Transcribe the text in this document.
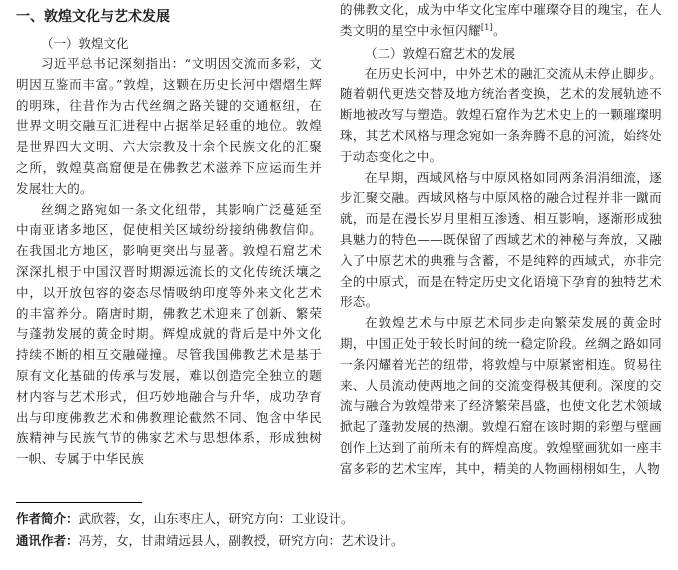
一、敦煌文化与艺术发展
（一）敦煌文化

习近平总书记深刻指出：“文明因交流而多彩，文明因互鉴而丰富。”敦煌，这颗在历史长河中熠熠生辉的明珠，往昔作为古代丝绸之路关键的交通枢纽，在世界文明交融互汇进程中占据举足轻重的地位。敦煌是世界四大文明、六大宗教及十余个民族文化的汇聚之所，敦煌莫高窟便是在佛教艺术滋养下应运而生并发展壮大的。

丝绸之路宛如一条文化纽带，其影响广泛蔓延至中南亚诸多地区，促使相关区域纷纷接纳佛教信仰。在我国北方地区，影响更突出与显著。敦煌石窟艺术深深扎根于中国汉晋时期源远流长的文化传统沃壤之中，以开放包容的姿态尽情吸纳印度等外来文化艺术的丰富养分。隋唐时期，佛教艺术迎来了创新、繁荣与蓬勃发展的黄金时期。辉煌成就的背后是中外文化持续不断的相互交融碰撞。尽管我国佛教艺术是基于原有文化基础的传承与发展，难以创造完全独立的题材内容与艺术形式，但巧妙地融合与升华，成功孕育出与印度佛教艺术和佛教理论截然不同、饱含中华民族精神与民族气节的佛家艺术与思想体系，形成独树一帜、专属于中华民族

的佛教文化，成为中华文化宝库中璀璨夺目的瑰宝，在人类文明的星空中永恒闪耀[1]。

（二）敦煌石窟艺术的发展

在历史长河中，中外艺术的融汇交流从未停止脚步。随着朝代更迭交替及地方统治者变换，艺术的发展轨迹不断地被改写与塑造。敦煌石窟作为艺术史上的一颗璀璨明珠，其艺术风格与理念宛如一条奔腾不息的河流，始终处于动态变化之中。

在早期，西域风格与中原风格如同两条涓涓细流，逐步汇聚交融。西域风格与中原风格的融合过程并非一蹴而就，而是在漫长岁月里相互渗透、相互影响，逐渐形成独具魅力的特色——既保留了西域艺术的神秘与奔放，又融入了中原艺术的典雅与含蓄，不是纯粹的西域式，亦非完全的中原式，而是在特定历史文化语境下孕育的独特艺术形态。

在敦煌艺术与中原艺术同步走向繁荣发展的黄金时期，中国正处于较长时间的统一稳定阶段。丝绸之路如同一条闪耀着光芒的纽带，将敦煌与中原紧密相连。贸易往来、人员流动使两地之间的交流变得极其便利。深度的交流与融合为敦煌带来了经济繁荣昌盛，也使文化艺术领域掀起了蓬勃发展的热潮。敦煌石窟在该时期的彩塑与壁画创作上达到了前所未有的辉煌高度。敦煌壁画犹如一座丰富多彩的艺术宝库，其中，精美的人物画栩栩如生，人物

作者简介：武欣蓉，女，山东枣庄人，研究方向：工业设计。
通讯作者：冯芳，女，甘肃靖远县人，副教授，研究方向：艺术设计。
